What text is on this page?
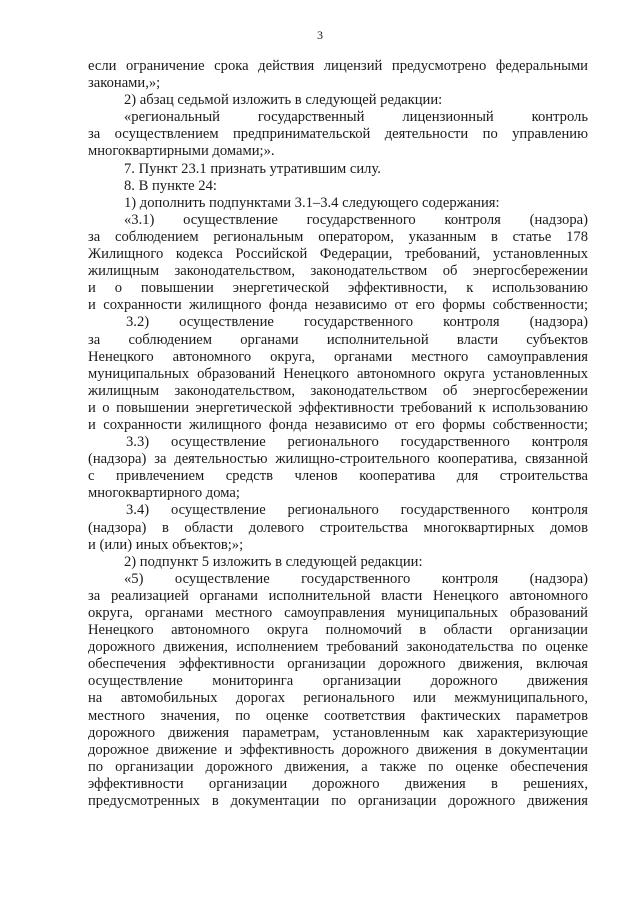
3
если ограничение срока действия лицензий предусмотрено федеральными
законами,»;
2) абзац седьмой изложить в следующей редакции:
«региональный государственный лицензионный контроль
за осуществлением предпринимательской деятельности по управлению
многоквартирными домами;».
7. Пункт 23.1 признать утратившим силу.
8. В пункте 24:
1) дополнить подпунктами 3.1–3.4 следующего содержания:
«3.1) осуществление государственного контроля (надзора)
за соблюдением региональным оператором, указанным в статье 178
Жилищного кодекса Российской Федерации, требований, установленных
жилищным законодательством, законодательством об энергосбережении
и о повышении энергетической эффективности, к использованию
и сохранности жилищного фонда независимо от его формы собственности;
3.2) осуществление государственного контроля (надзора)
за соблюдением органами исполнительной власти субъектов
Ненецкого автономного округа, органами местного самоуправления
муниципальных образований Ненецкого автономного округа установленных
жилищным законодательством, законодательством об энергосбережении
и о повышении энергетической эффективности требований к использованию
и сохранности жилищного фонда независимо от его формы собственности;
3.3) осуществление регионального государственного контроля
(надзора) за деятельностью жилищно-строительного кооператива, связанной
с привлечением средств членов кооператива для строительства
многоквартирного дома;
3.4) осуществление регионального государственного контроля
(надзора) в области долевого строительства многоквартирных домов
и (или) иных объектов;»;
2) подпункт 5 изложить в следующей редакции:
«5) осуществление государственного контроля (надзора)
за реализацией органами исполнительной власти Ненецкого автономного
округа, органами местного самоуправления муниципальных образований
Ненецкого автономного округа полномочий в области организации
дорожного движения, исполнением требований законодательства по оценке
обеспечения эффективности организации дорожного движения, включая
осуществление мониторинга организации дорожного движения
на автомобильных дорогах регионального или межмуниципального,
местного значения, по оценке соответствия фактических параметров
дорожного движения параметрам, установленным как характеризующие
дорожное движение и эффективность дорожного движения в документации
по организации дорожного движения, а также по оценке обеспечения
эффективности организации дорожного движения в решениях,
предусмотренных в документации по организации дорожного движения
